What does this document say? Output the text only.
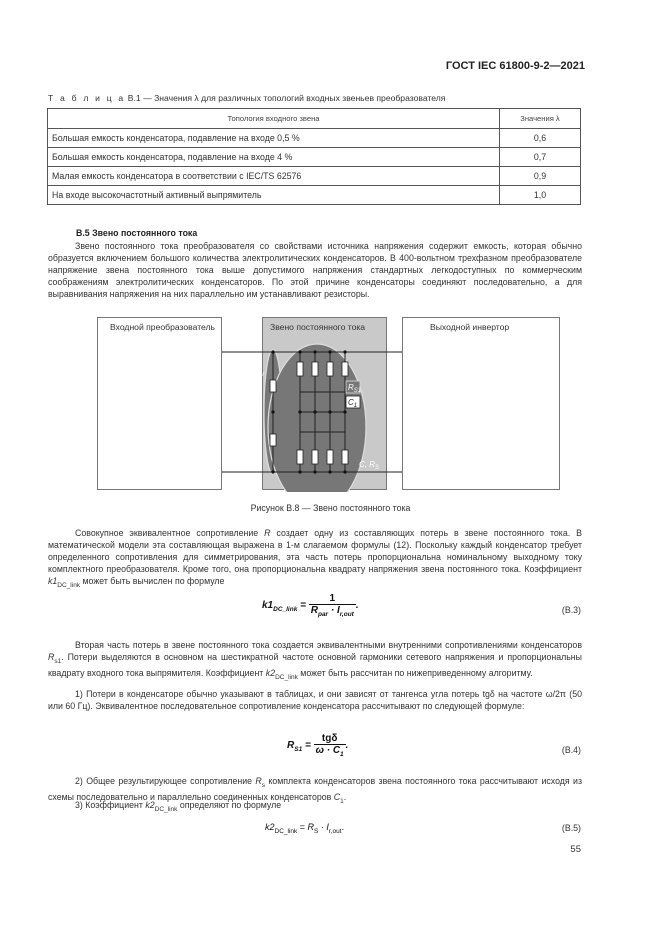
ГОСТ IEC 61800-9-2—2021
Т а б л и ц а В.1 — Значения λ для различных топологий входных звеньев преобразователя
Топология входного звена	Значения λ
Большая емкость конденсатора, подавление на входе 0,5 %	0,6
Большая емкость конденсатора, подавление на входе 4 %	0,7
Малая емкость конденсатора в соответствии с IEC/TS 62576	0,9
На входе высокочастотный активный выпрямитель	1,0
В.5 Звено постоянного тока
Звено постоянного тока преобразователя со свойствами источника напряжения содержит емкость, которая обычно образуется включением большого количества электролитических конденсаторов. В 400-вольтном трехфазном преобразователе напряжение звена постоянного тока выше допустимого напряжения стандартных легкодоступных по коммерческим соображениям электролитических конденсаторов. По этой причине конденсаторы соединяют последовательно, а для выравнивания напряжения на них параллельно им устанавливают резисторы.
Входной преобразователь	Звено постоянного тока	Выходной инвертор
$R_{par}$
$R_{S1}$
$C_1$
C, $R_S$
Рисунок В.8 — Звено постоянного тока
Совокупное эквивалентное сопротивление R создает одну из составляющих потерь в звене постоянного тока. В математической модели эта составляющая выражена в 1-м слагаемом формулы (12). Поскольку каждый конденсатор требует определенного сопротивления для симметрирования, эта часть потерь пропорциональна номинальному выходному току комплектного преобразователя. Кроме того, она пропорциональна квадрату напряжения звена постоянного тока. Коэффициент $k1_{DC\_link}$ может быть вычислен по формуле
$k1_{DC\_link} = \frac{1}{R_{par} \cdot I_{r,out}}$ .	(В.3)
Вторая часть потерь в звене постоянного тока создается эквивалентными внутренними сопротивлениями конденсаторов $R_{s1}$. Потери выделяются в основном на шестикратной частоте основной гармоники сетевого напряжения и пропорциональны квадрату входного тока выпрямителя. Коэффициент $k2_{DC\_link}$ может быть рассчитан по нижеприведенному алгоритму.
1) Потери в конденсаторе обычно указывают в таблицах, и они зависят от тангенса угла потерь tgδ на частоте ω/2π (50 или 60 Гц). Эквивалентное последовательное сопротивление конденсатора рассчитывают по следующей формуле:
$R_{S1} = \frac{\text{tgδ}}{\omega \cdot C_1}$ .	(В.4)
2) Общее результирующее сопротивление $R_s$ комплекта конденсаторов звена постоянного тока рассчитывают исходя из схемы последовательно и параллельно соединенных конденсаторов $C_1$.
3) Коэффициент $k2_{DC\_link}$ определяют по формуле
$k2_{DC\_link} = R_S \cdot I_{r,out}$.	(В.5)
55
